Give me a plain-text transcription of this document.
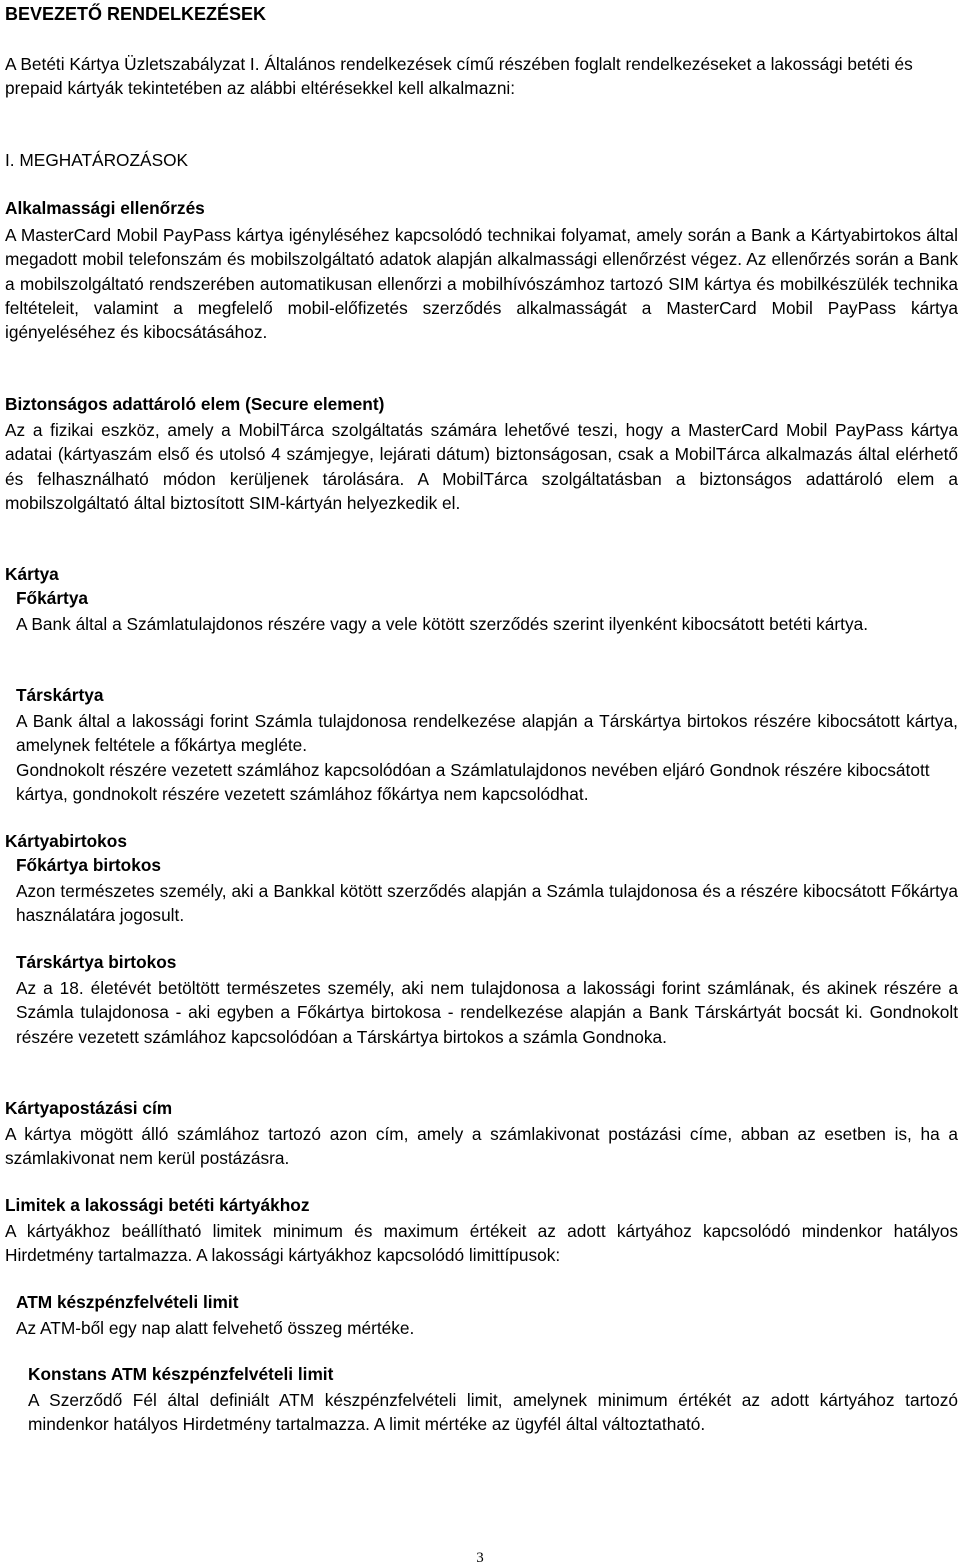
BEVEZETŐ RENDELKEZÉSEK
A Betéti Kártya Üzletszabályzat I. Általános rendelkezések című részében foglalt rendelkezéseket a lakossági betéti és prepaid kártyák tekintetében az alábbi eltérésekkel kell alkalmazni:
I. MEGHATÁROZÁSOK
Alkalmassági ellenőrzés
A MasterCard Mobil PayPass kártya igényléséhez kapcsolódó technikai folyamat, amely során a Bank a Kártyabirtokos által megadott mobil telefonszám és mobilszolgáltató adatok alapján alkalmassági ellenőrzést végez. Az ellenőrzés során a Bank a mobilszolgáltató rendszerében automatikusan ellenőrzi a mobilhívószámhoz tartozó SIM kártya és mobilkészülék technika feltételeit, valamint a megfelelő mobil-előfizetés szerződés alkalmasságát a MasterCard Mobil PayPass kártya igényeléséhez és kibocsátásához.
Biztonságos adattároló elem (Secure element)
Az a fizikai eszköz, amely a MobilTárca szolgáltatás számára lehetővé teszi, hogy a MasterCard Mobil PayPass kártya adatai (kártyaszám első és utolsó 4 számjegye, lejárati dátum) biztonságosan, csak a MobilTárca alkalmazás által elérhető és felhasználható módon kerüljenek tárolására. A MobilTárca szolgáltatásban a biztonságos adattároló elem a mobilszolgáltató által biztosított SIM-kártyán helyezkedik el.
Kártya
Főkártya
A Bank által a Számlatulajdonos részére vagy a vele kötött szerződés szerint ilyenként kibocsátott betéti kártya.
Társkártya
A Bank által a lakossági forint Számla tulajdonosa rendelkezése alapján a Társkártya birtokos részére kibocsátott kártya, amelynek feltétele a főkártya megléte.
Gondnokolt részére vezetett számlához kapcsolódóan a Számlatulajdonos nevében eljáró Gondnok részére kibocsátott kártya, gondnokolt részére vezetett számlához főkártya nem kapcsolódhat.
Kártyabirtokos
Főkártya birtokos
Azon természetes személy, aki a Bankkal kötött szerződés alapján a Számla tulajdonosa és a részére kibocsátott Főkártya használatára jogosult.
Társkártya birtokos
Az a 18. életévét betöltött természetes személy, aki nem tulajdonosa a lakossági forint számlának, és akinek részére a Számla tulajdonosa - aki egyben a Főkártya birtokosa - rendelkezése alapján a Bank Társkártyát bocsát ki. Gondnokolt részére vezetett számlához kapcsolódóan a Társkártya birtokos a számla Gondnoka.
Kártyapostázási cím
A kártya mögött álló számlához tartozó azon cím, amely a számlakivonat postázási címe, abban az esetben is, ha a számlakivonat nem kerül postázásra.
Limitek a lakossági betéti kártyákhoz
A kártyákhoz beállítható limitek minimum és maximum értékeit az adott kártyához kapcsolódó mindenkor hatályos Hirdetmény tartalmazza. A lakossági kártyákhoz kapcsolódó limittípusok:
ATM készpénzfelvételi limit
Az ATM-ből egy nap alatt felvehető összeg mértéke.
Konstans ATM készpénzfelvételi limit
A Szerződő Fél által definiált ATM készpénzfelvételi limit, amelynek minimum értékét az adott kártyához tartozó mindenkor hatályos Hirdetmény tartalmazza. A limit mértéke az ügyfél által változtatható.
3
